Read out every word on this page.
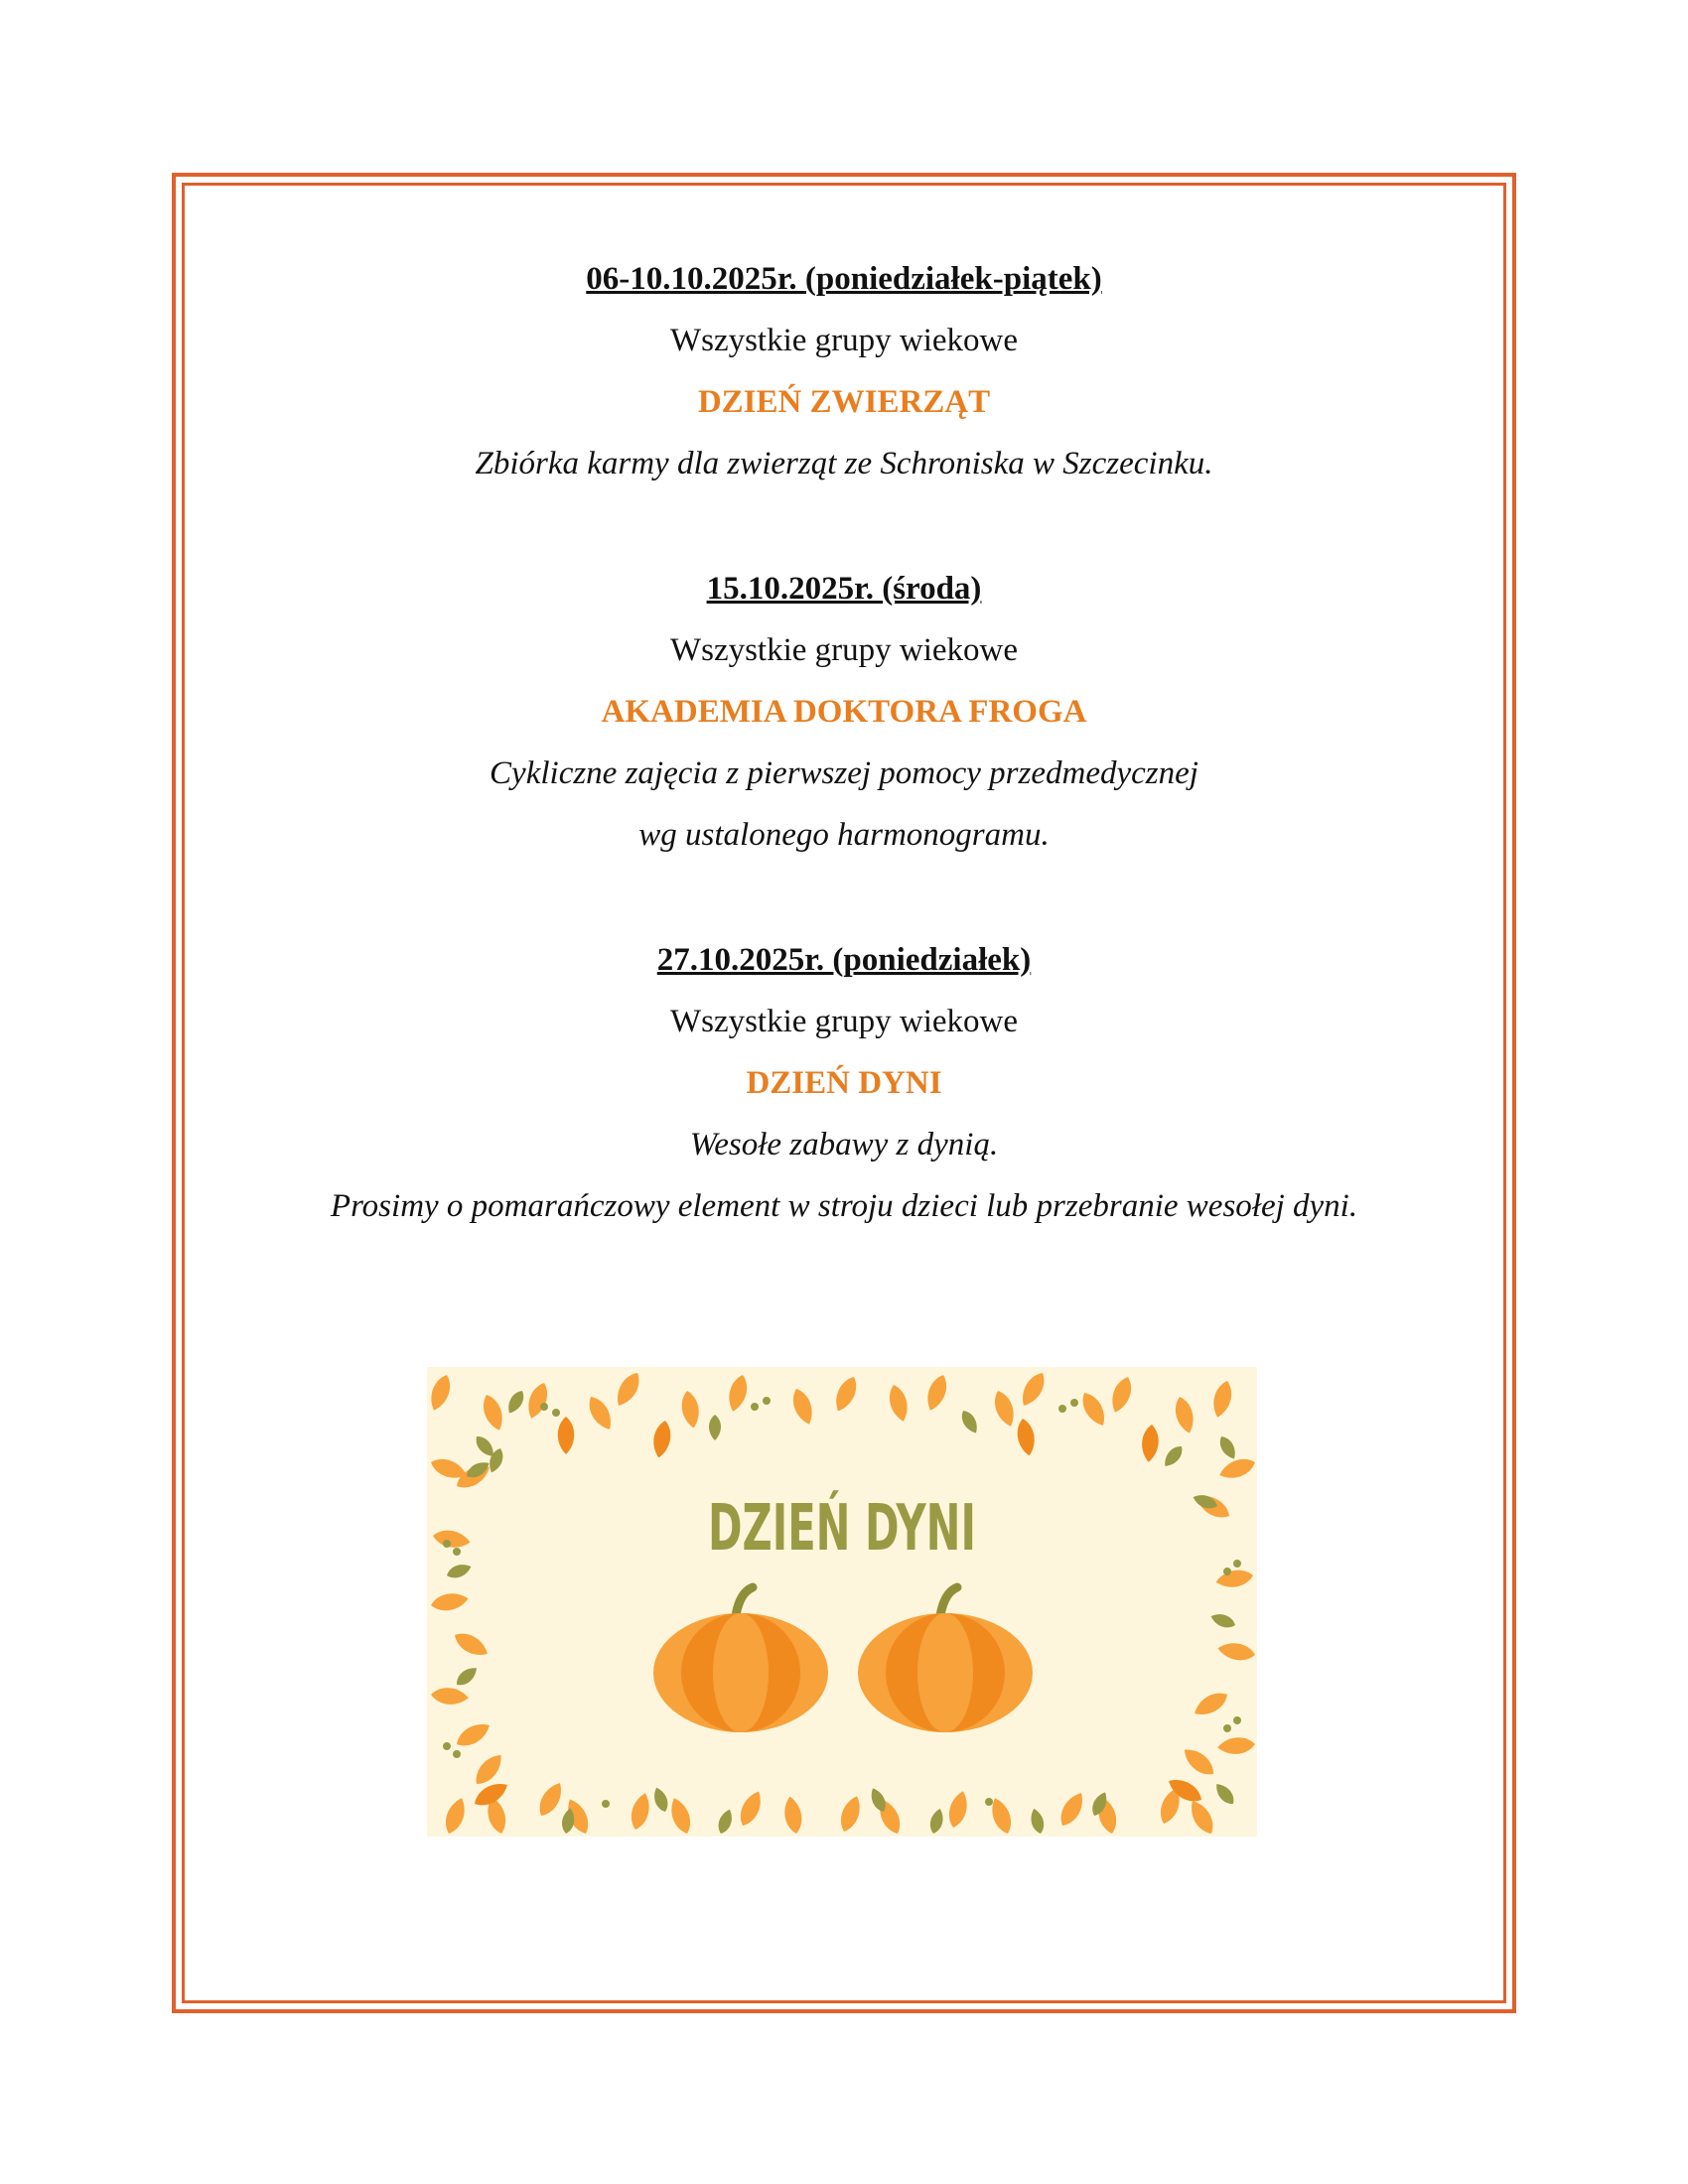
06-10.10.2025r. (poniedziałek-piątek)

Wszystkie grupy wiekowe

DZIEŃ ZWIERZĄT

Zbiórka karmy dla zwierząt ze Schroniska w Szczecinku.

15.10.2025r. (środa)

Wszystkie grupy wiekowe

AKADEMIA DOKTORA FROGA

Cykliczne zajęcia z pierwszej pomocy przedmedycznej

wg ustalonego harmonogramu.

27.10.2025r. (poniedziałek)

Wszystkie grupy wiekowe

DZIEŃ DYNI

Wesołe zabawy z dynią.

Prosimy o pomarańczowy element w stroju dzieci lub przebranie wesołej dyni.

DZIEŃ DYNI
